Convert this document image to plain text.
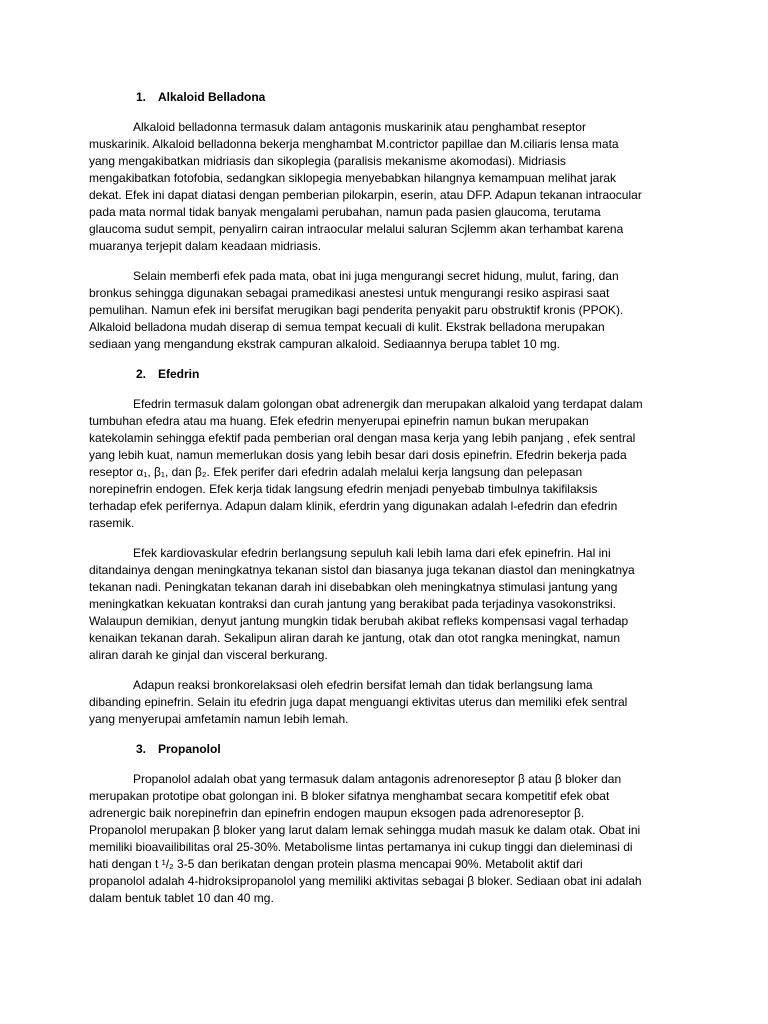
1. Alkaloid Belladona
Alkaloid belladonna termasuk dalam antagonis muskarinik atau penghambat reseptor
muskarinik. Alkaloid belladonna bekerja menghambat M.contrictor papillae dan M.ciliaris lensa mata
yang mengakibatkan midriasis dan sikoplegia (paralisis mekanisme akomodasi). Midriasis
mengakibatkan fotofobia, sedangkan siklopegia menyebabkan hilangnya kemampuan melihat jarak
dekat. Efek ini dapat diatasi dengan pemberian pilokarpin, eserin, atau DFP. Adapun tekanan intraocular
pada mata normal tidak banyak mengalami perubahan, namun pada pasien glaucoma, terutama
glaucoma sudut sempit, penyalirn cairan intraocular melalui saluran Scjlemm akan terhambat karena
muaranya terjepit dalam keadaan midriasis.
Selain memberfi efek pada mata, obat ini juga mengurangi secret hidung, mulut, faring, dan
bronkus sehingga digunakan sebagai pramedikasi anestesi untuk mengurangi resiko aspirasi saat
pemulihan. Namun efek ini bersifat merugikan bagi penderita penyakit paru obstruktif kronis (PPOK).
Alkaloid belladona mudah diserap di semua tempat kecuali di kulit. Ekstrak belladona merupakan
sediaan yang mengandung ekstrak campuran alkaloid. Sediaannya berupa tablet 10 mg.
2. Efedrin
Efedrin termasuk dalam golongan obat adrenergik dan merupakan alkaloid yang terdapat dalam
tumbuhan efedra atau ma huang. Efek efedrin menyerupai epinefrin namun bukan merupakan
katekolamin sehingga efektif pada pemberian oral dengan masa kerja yang lebih panjang , efek sentral
yang lebih kuat, namun memerlukan dosis yang lebih besar dari dosis epinefrin. Efedrin bekerja pada
reseptor α₁, β₁, dan β₂. Efek perifer dari efedrin adalah melalui kerja langsung dan pelepasan
norepinefrin endogen. Efek kerja tidak langsung efedrin menjadi penyebab timbulnya takifilaksis
terhadap efek perifernya. Adapun dalam klinik, eferdrin yang digunakan adalah l-efedrin dan efedrin
rasemik.
Efek kardiovaskular efedrin berlangsung sepuluh kali lebih lama dari efek epinefrin. Hal ini
ditandainya dengan meningkatnya tekanan sistol dan biasanya juga tekanan diastol dan meningkatnya
tekanan nadi. Peningkatan tekanan darah ini disebabkan oleh meningkatnya stimulasi jantung yang
meningkatkan kekuatan kontraksi dan curah jantung yang berakibat pada terjadinya vasokonstriksi.
Walaupun demikian, denyut jantung mungkin tidak berubah akibat refleks kompensasi vagal terhadap
kenaikan tekanan darah. Sekalipun aliran darah ke jantung, otak dan otot rangka meningkat, namun
aliran darah ke ginjal dan visceral berkurang.
Adapun reaksi bronkorelaksasi oleh efedrin bersifat lemah dan tidak berlangsung lama
dibanding epinefrin. Selain itu efedrin juga dapat menguangi ektivitas uterus dan memiliki efek sentral
yang menyerupai amfetamin namun lebih lemah.
3. Propanolol
Propanolol adalah obat yang termasuk dalam antagonis adrenoreseptor β atau β bloker dan
merupakan prototipe obat golongan ini. B bloker sifatnya menghambat secara kompetitif efek obat
adrenergic baik norepinefrin dan epinefrin endogen maupun eksogen pada adrenoreseptor β.
Propanolol merupakan β bloker yang larut dalam lemak sehingga mudah masuk ke dalam otak. Obat ini
memiliki bioavailibilitas oral 25-30%. Metabolisme lintas pertamanya ini cukup tinggi dan dieleminasi di
hati dengan t ¹/₂ 3-5 dan berikatan dengan protein plasma mencapai 90%. Metabolit aktif dari
propanolol adalah 4-hidroksipropanolol yang memiliki aktivitas sebagai β bloker. Sediaan obat ini adalah
dalam bentuk tablet 10 dan 40 mg.
